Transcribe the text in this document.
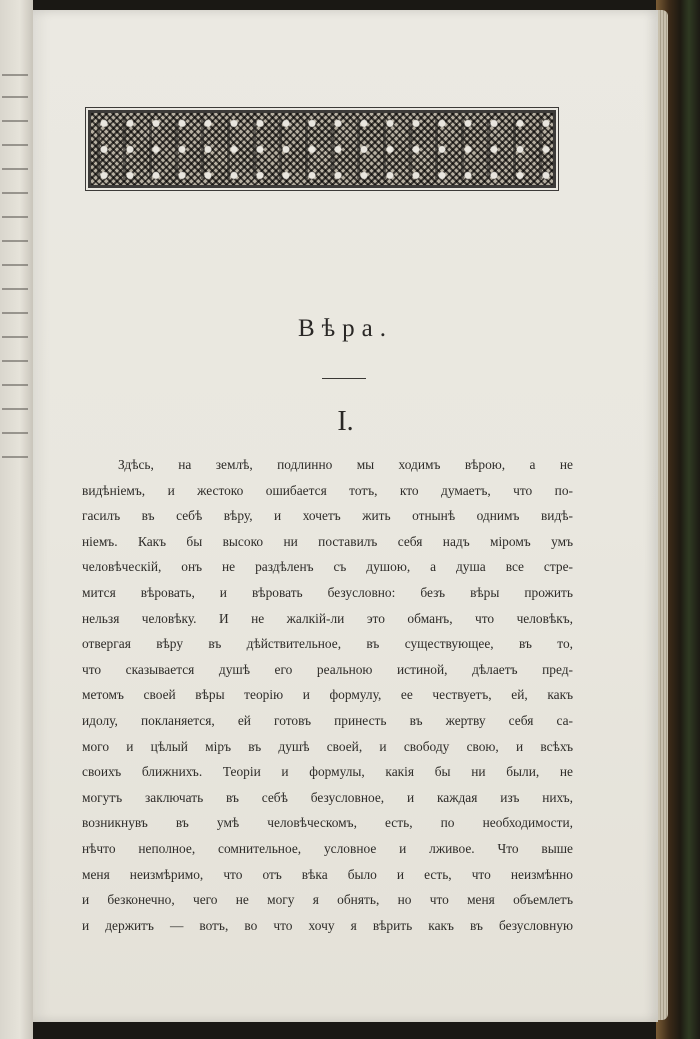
Вѣра.
I.
Здѣсь, на землѣ, подлинно мы ходимъ вѣрою, а не
видѣніемъ, и жестоко ошибается тотъ, кто думаетъ, что по-
гасилъ въ себѣ вѣру, и хочетъ жить отнынѣ однимъ видѣ-
ніемъ. Какъ бы высоко ни поставилъ себя надъ міромъ умъ
человѣческій, онъ не раздѣленъ съ душою, а душа все стре-
мится вѣровать, и вѣровать безусловно: безъ вѣры прожить
нельзя человѣку. И не жалкій-ли это обманъ, что человѣкъ,
отвергая вѣру въ дѣйствительное, въ существующее, въ то,
что сказывается душѣ его реальною истиной, дѣлаетъ пред-
метомъ своей вѣры теорію и формулу, ее чествуетъ, ей, какъ
идолу, покланяется, ей готовъ принесть въ жертву себя са-
мого и цѣлый міръ въ душѣ своей, и свободу свою, и всѣхъ
своихъ ближнихъ. Теоріи и формулы, какія бы ни были, не
могутъ заключать въ себѣ безусловное, и каждая изъ нихъ,
возникнувъ въ умѣ человѣческомъ, есть, по необходимости,
нѣчто неполное, сомнительное, условное и лживое. Что выше
меня неизмѣримо, что отъ вѣка было и есть, что неизмѣнно
и безконечно, чего не могу я обнять, но что меня объемлетъ
и держитъ — вотъ, во что хочу я вѣрить какъ въ безусловную
